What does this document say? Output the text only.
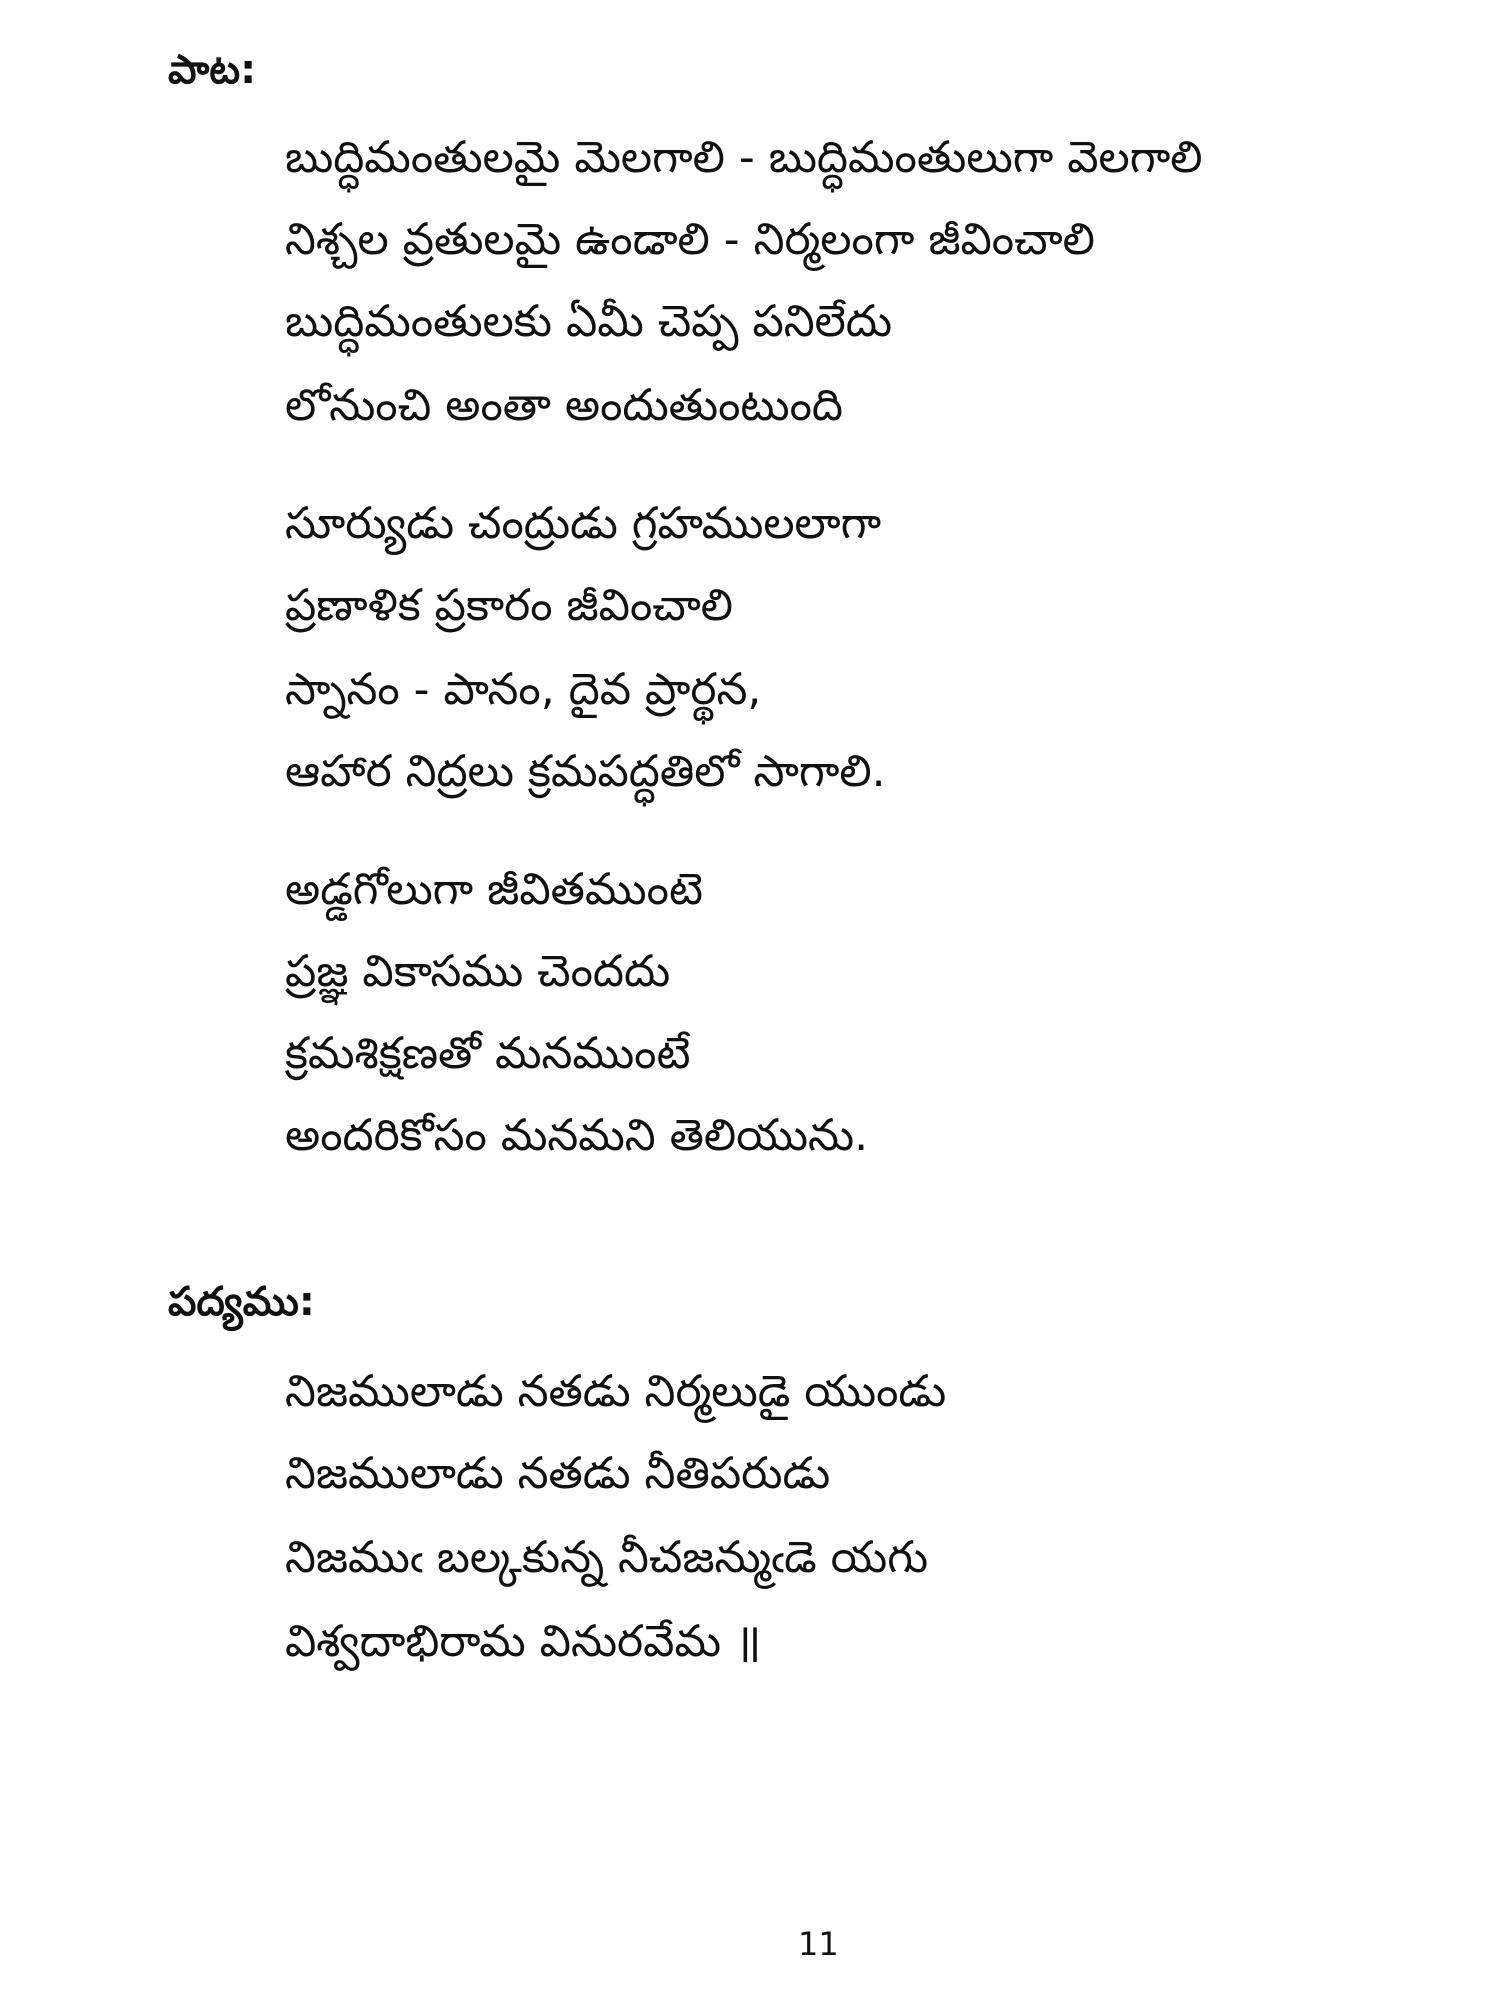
పాట:
బుద్ధిమంతులమై మెలగాలి - బుద్ధిమంతులుగా వెలగాలి
నిశ్చల వ్రతులమై ఉండాలి - నిర్మలంగా జీవించాలి
బుద్ధిమంతులకు ఏమీ చెప్ప పనిలేదు
లోనుంచి అంతా అందుతుంటుంది
సూర్యుడు చంద్రుడు గ్రహములలాగా
ప్రణాళిక ప్రకారం జీవించాలి
స్నానం - పానం, దైవ ప్రార్థన,
ఆహార నిద్రలు క్రమపద్ధతిలో సాగాలి.
అడ్డగోలుగా జీవితముంటె
ప్రజ్ఞ వికాసము చెందదు
క్రమశిక్షణతో మనముంటే
అందరికోసం మనమని తెలియును.
పద్యము:
నిజములాడు నతడు నిర్మలుడై యుండు
నిజములాడు నతడు నీతిపరుడు
నిజముఁ బల్కకున్న నీచజన్ముఁడె యగు
విశ్వదాభిరామ వినురవేమ ॥
11
